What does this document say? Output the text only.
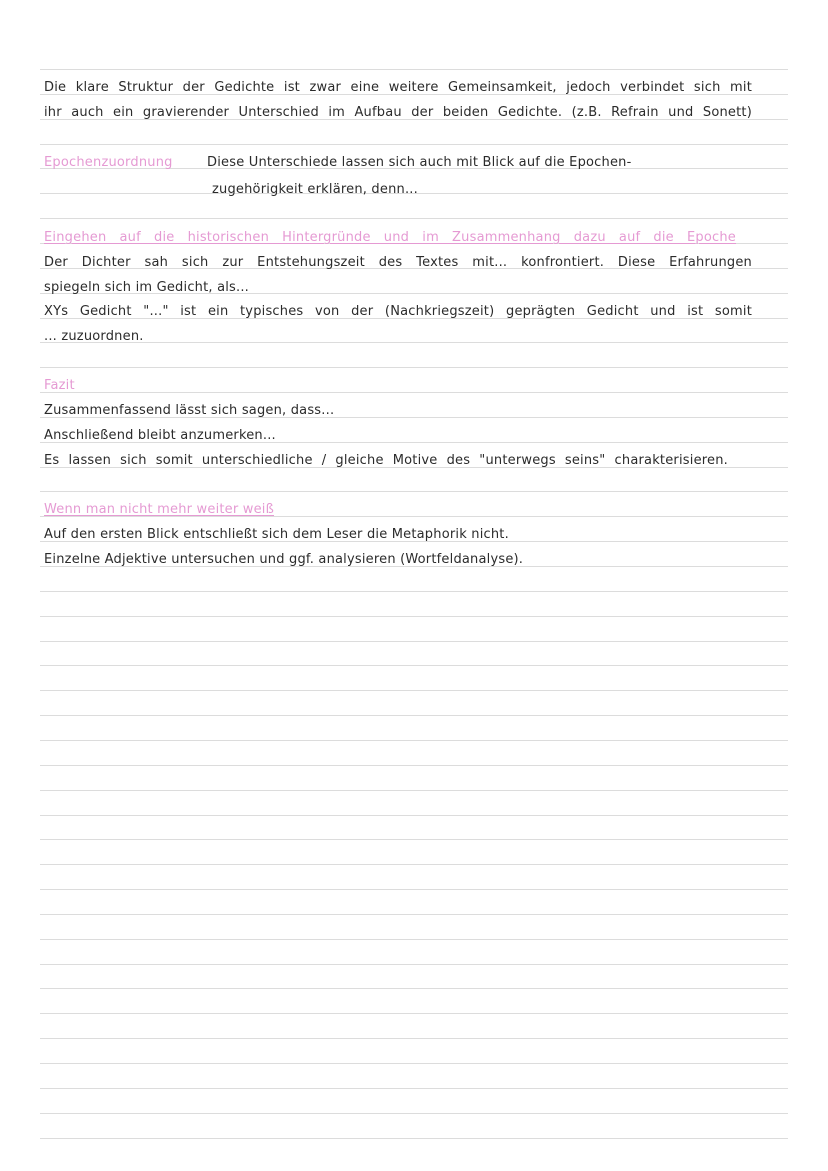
Die klare Struktur der Gedichte ist zwar eine weitere Gemeinsamkeit, jedoch verbindet sich mit
ihr auch ein gravierender Unterschied im Aufbau der beiden Gedichte. (z.B. Refrain und Sonett)
Epochenzuordnung	Diese Unterschiede lassen sich auch mit Blick auf die Epochen-
zugehörigkeit erklären, denn...
Eingehen auf die historischen Hintergründe und im Zusammenhang dazu auf die Epoche
Der Dichter sah sich zur Entstehungszeit des Textes mit... konfrontiert. Diese Erfahrungen
spiegeln sich im Gedicht, als...
XYs Gedicht "..." ist ein typisches von der (Nachkriegszeit) geprägten Gedicht und ist somit
... zuzuordnen.
Fazit
Zusammenfassend lässt sich sagen, dass...
Anschließend bleibt anzumerken...
Es lassen sich somit unterschiedliche / gleiche Motive des "unterwegs seins" charakterisieren.
Wenn man nicht mehr weiter weiß
Auf den ersten Blick entschließt sich dem Leser die Metaphorik nicht.
Einzelne Adjektive untersuchen und ggf. analysieren (Wortfeldanalyse).
